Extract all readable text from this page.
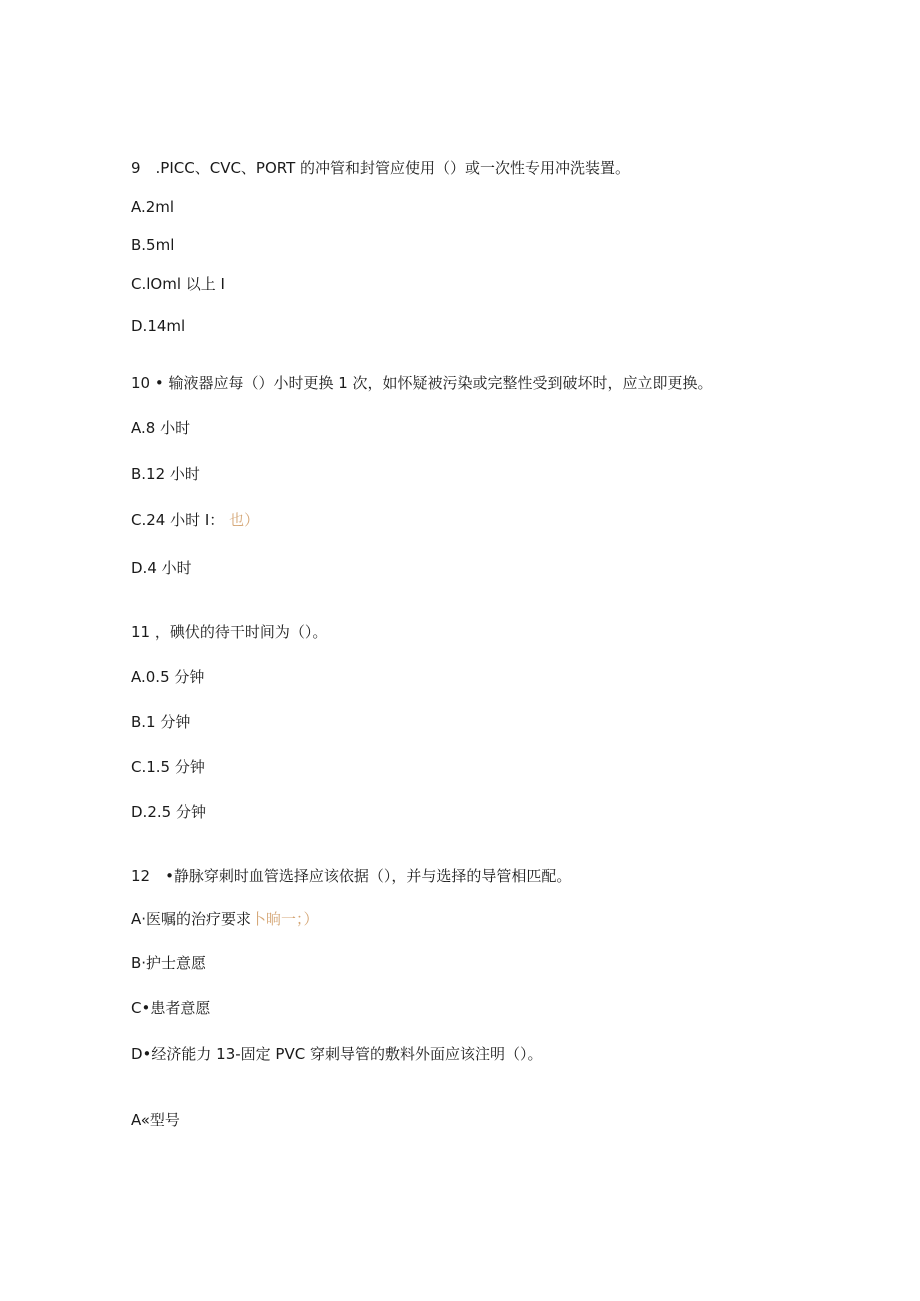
9　.PICC、CVC、PORT 的冲管和封管应使用（）或一次性专用冲洗装置。

A.2ml

B.5ml

C.lOml 以上 I

D.14ml

10 • 输液器应每（）小时更换 1 次，如怀疑被污染或完整性受到破坏时，应立即更换。

A.8 小时

B.12 小时

C.24 小时 I： 也）

D.4 小时

11 ，碘伏的待干时间为（）。

A.0.5 分钟

B.1 分钟

C.1.5 分钟

D.2.5 分钟

12　•静脉穿刺时血管选择应该依据（），并与选择的导管相匹配。

A·医嘱的治疗要求卜晌一；）

B·护士意愿

C•患者意愿

D•经济能力 13-固定 PVC 穿刺导管的敷料外面应该注明（）。

A«型号
